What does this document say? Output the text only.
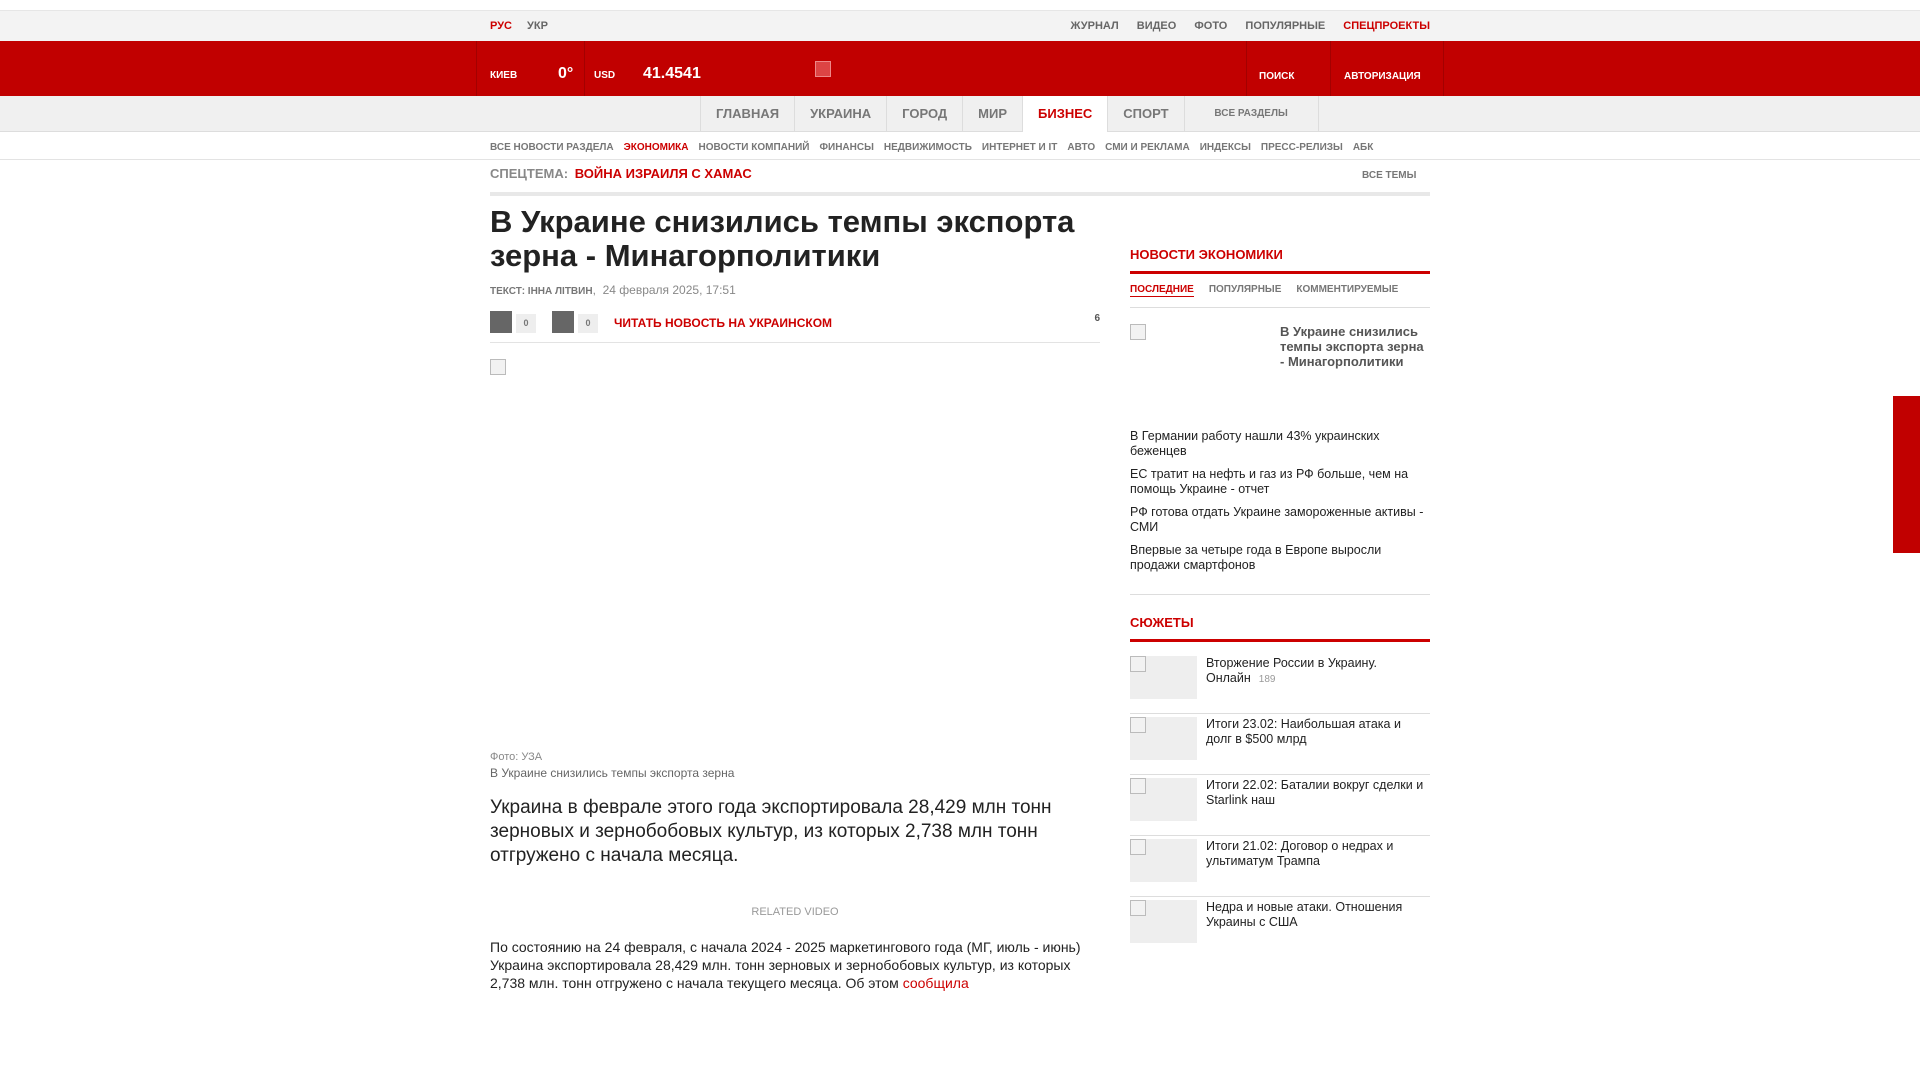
РУС УКР	ЖУРНАЛ ВИДЕО ФОТО ПОПУЛЯРНЫЕ СПЕЦПРОЕКТЫ
КИЕВ	0° USD 41.4541	ПОИСК	АВТОРИЗАЦИЯ
ГЛАВНАЯ	УКРАИНА	ГОРОД	МИР	БИЗНЕС	СПОРТ	ВСЕ РАЗДЕЛЫ
ВСЕ НОВОСТИ РАЗДЕЛА ЭКОНОМИКА НОВОСТИ КОМПАНИЙ ФИНАНСЫ НЕДВИЖИМОСТЬ ИНТЕРНЕТ И IT АВТО СМИ И РЕКЛАМА ИНДЕКСЫ ПРЕСС-РЕЛИЗЫ АБК
СПЕЦТЕМА: ВОЙНА ИЗРАИЛЯ С ХАМАС	ВСЕ ТЕМЫ
В Украине снизились темпы экспорта зерна - Минагорполитики
ТЕКСТ: ІННА ЛІТВИН,  24 февраля 2025, 17:51
0	0	ЧИТАТЬ НОВОСТЬ НА УКРАИНСКОМ	6
Фото: УЗА
В Украине снизились темпы экспорта зерна

Украина в феврале этого года экспортировала 28,429 млн тонн зерновых и зернобобовых культур, из которых 2,738 млн тонн отгружено с начала месяца.

RELATED VIDEO

По состоянию на 24 февраля, с начала 2024 - 2025 маркетингового года (МГ, июль - июнь) Украина экспортировала 28,429 млн. тонн зерновых и зернобобовых культур, из которых 2,738 млн. тонн отгружено с начала текущего месяца. Об этом сообщила

НОВОСТИ ЭКОНОМИКИ
ПОСЛЕДНИЕ ПОПУЛЯРНЫЕ КОММЕНТИРУЕМЫЕ
В Украине снизились темпы экспорта зерна - Минагорполитики
В Германии работу нашли 43% украинских беженцев
ЕС тратит на нефть и газ из РФ больше, чем на помощь Украине - отчет
РФ готова отдать Украине замороженные активы - СМИ
Впервые за четыре года в Европе выросли продажи смартфонов
СЮЖЕТЫ
Вторжение России в Украину. Онлайн 189
Итоги 23.02: Наибольшая атака и долг в $500 млрд
Итоги 22.02: Баталии вокруг сделки и Starlink наш
Итоги 21.02: Договор о недрах и ультиматум Трампа
Недра и новые атаки. Отношения Украины с США
